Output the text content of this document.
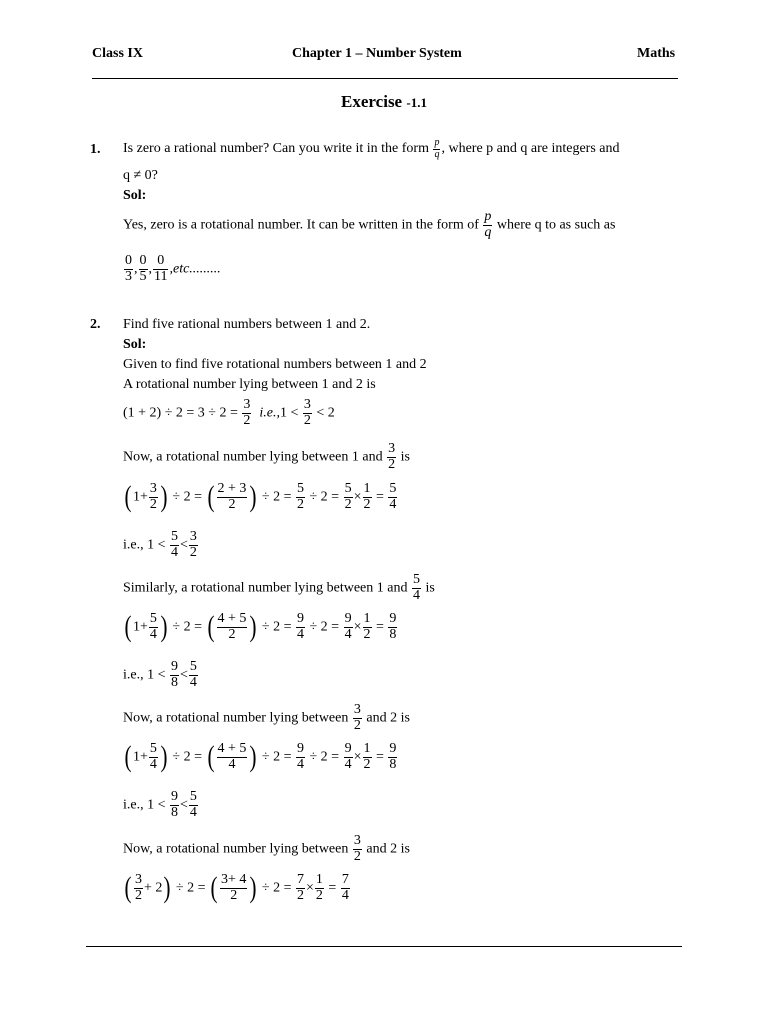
Class IX	Chapter 1 – Number System	Maths
Exercise -1.1
1. Is zero a rational number? Can you write it in the form $\frac{p}{q}$ , where p and q are integers and
q ≠ 0?
Sol:
Yes, zero is a rotational number. It can be written in the form of $\frac{p}{q}$ where q to as such as
$\frac{0}{3}$ , $\frac{0}{5}$ , $\frac{0}{11} ,etc$.........
2. Find five rational numbers between 1 and 2.
Sol:
Given to find five rotational numbers between 1 and 2
A rotational number lying between 1 and 2 is
$(1 + 2) \div 2 = 3 \div 2 = \frac{3}{2} i.e.,1 < \frac{3}{2} < 2$
Now, a rotational number lying between 1 and $\frac{3}{2}$ is
( $1+ \frac{3}{2}$ ) ÷ 2 = ( $\frac{2 + 3}{2}$ ) ÷ $2 = \frac{5}{2} \div 2 = \frac{5}{2} \times \frac{1}{2} = \frac{5}{4}$
i.e., $1 < \frac{5}{4} < \frac{3}{2}$
Similarly, a rotational number lying between 1 and $\frac{5}{4}$ is
( $1+ \frac{5}{4}$ ) ÷ 2 = ( $\frac{4 + 5}{2}$ ) ÷ $2 = \frac{9}{4} \div 2 = \frac{9}{4} \times \frac{1}{2} = \frac{9}{8}$
i.e., $1 < \frac{9}{8} < \frac{5}{4}$
Now, a rotational number lying between $\frac{3}{2}$ and 2 is
( $1+ \frac{5}{4}$ ) ÷ 2 = ( $\frac{4 + 5}{4}$ ) ÷ $2 = \frac{9}{4} \div 2 = \frac{9}{4} \times \frac{1}{2} = \frac{9}{8}$
i.e., $1 < \frac{9}{8} < \frac{5}{4}$
Now, a rotational number lying between $\frac{3}{2}$ and 2 is
( $\frac{3}{2} + 2) \div 2$ = ( $\frac{3+ 4}{2}$ ) ÷ $2 = \frac{7}{2} \times \frac{1}{2} = \frac{7}{4}$
